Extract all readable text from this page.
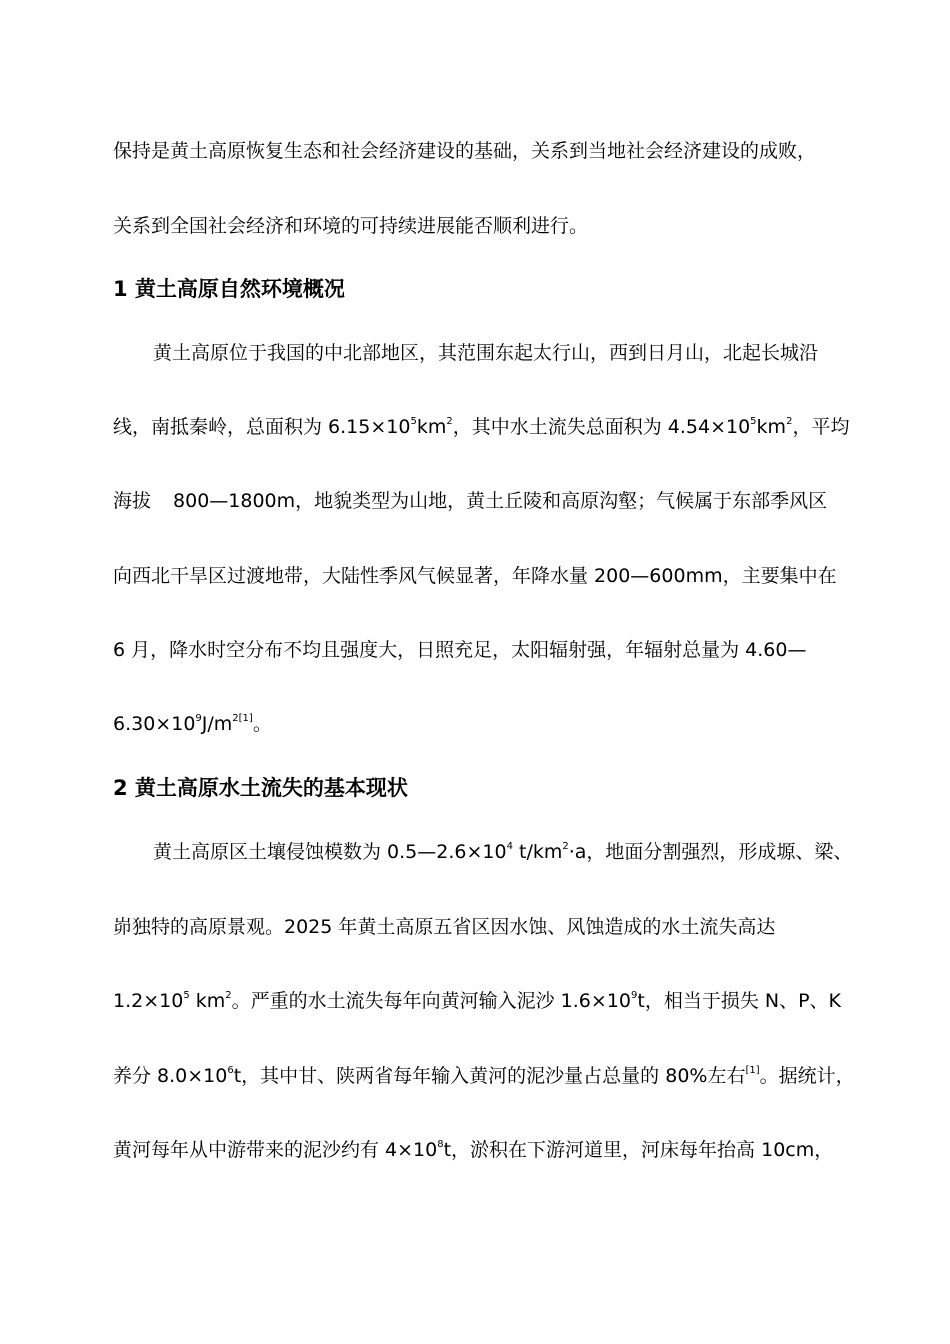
保持是黄土高原恢复生态和社会经济建设的基础，关系到当地社会经济建设的成败，
关系到全国社会经济和环境的可持续进展能否顺利进行。
1 黄土高原自然环境概况
黄土高原位于我国的中北部地区，其范围东起太行山，西到日月山，北起长城沿
线，南抵秦岭，总面积为 $6.15\times 10^5km^2$，其中水土流失总面积为 $4.54\times 10^5km^2$，平均
海拔 800—1800m，地貌类型为山地，黄土丘陵和高原沟壑；气候属于东部季风区
向西北干旱区过渡地带，大陆性季风气候显著，年降水量 200—600mm，主要集中在
6 月，降水时空分布不均且强度大，日照充足，太阳辐射强，年辐射总量为 4.60—
$6.30\times 10^9J/m^{2[1]}$。
2 黄土高原水土流失的基本现状
黄土高原区土壤侵蚀模数为 $0.5—2.6\times 10^4$ $t/km^2\cdot a$，地面分割强烈，形成塬、梁、
峁独特的高原景观。2025 年黄土高原五省区因水蚀、风蚀造成的水土流失高达
$1.2\times 10^5$ $km^2$。严重的水土流失每年向黄河输入泥沙 $1.6\times 10^9t$，相当于损失 N、P、K
养分 $8.0\times 10^6t$，其中甘、陕两省每年输入黄河的泥沙量占总量的 80%左右[1]。据统计，
黄河每年从中游带来的泥沙约有 $4\times 10^8t$，淤积在下游河道里，河床每年抬高 10cm，
